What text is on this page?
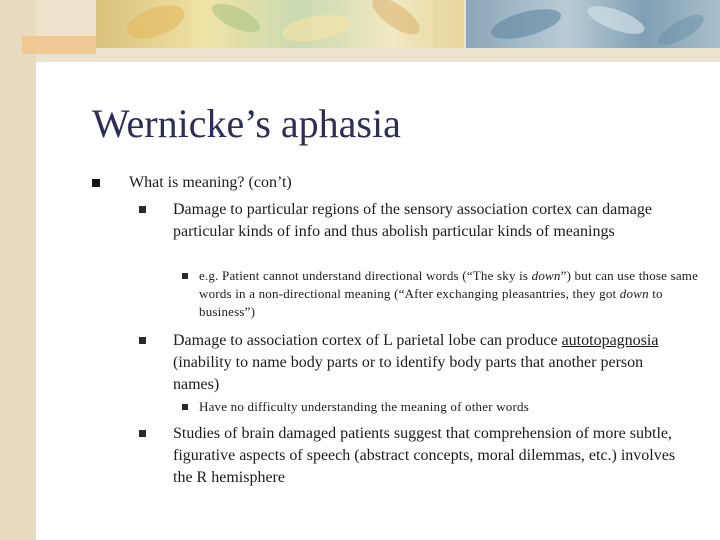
Wernicke’s aphasia
What is meaning? (con’t)
Damage to particular regions of the sensory association cortex can damage particular kinds of info and thus abolish particular kinds of meanings
e.g. Patient cannot understand directional words (“The sky is down”) but can use those same words in a non-directional meaning (“After exchanging pleasantries, they got down to business”)
Damage to association cortex of L parietal lobe can produce autotopagnosia (inability to name body parts or to identify body parts that another person names)
Have no difficulty understanding the meaning of other words
Studies of brain damaged patients suggest that comprehension of more subtle, figurative aspects of speech (abstract concepts, moral dilemmas, etc.) involves the R hemisphere
